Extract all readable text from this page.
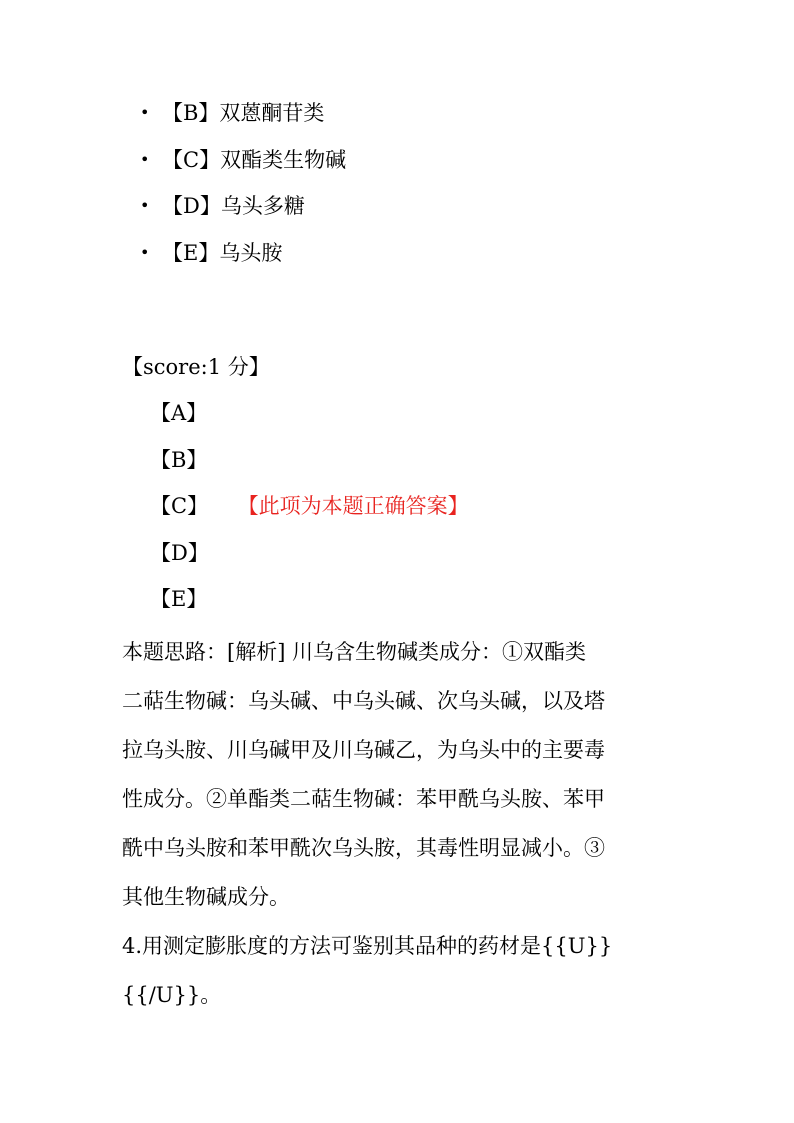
• 【B】双蒽酮苷类
• 【C】双酯类生物碱
• 【D】乌头多糖
• 【E】乌头胺
【score:1 分】
【A】
【B】
【C】 【此项为本题正确答案】
【D】
【E】
本题思路：[解析] 川乌含生物碱类成分：①双酯类
二萜生物碱：乌头碱、中乌头碱、次乌头碱，以及塔
拉乌头胺、川乌碱甲及川乌碱乙，为乌头中的主要毒
性成分。②单酯类二萜生物碱：苯甲酰乌头胺、苯甲
酰中乌头胺和苯甲酰次乌头胺，其毒性明显减小。③
其他生物碱成分。
4.用测定膨胀度的方法可鉴别其品种的药材是{{U}}
{{/U}}。
